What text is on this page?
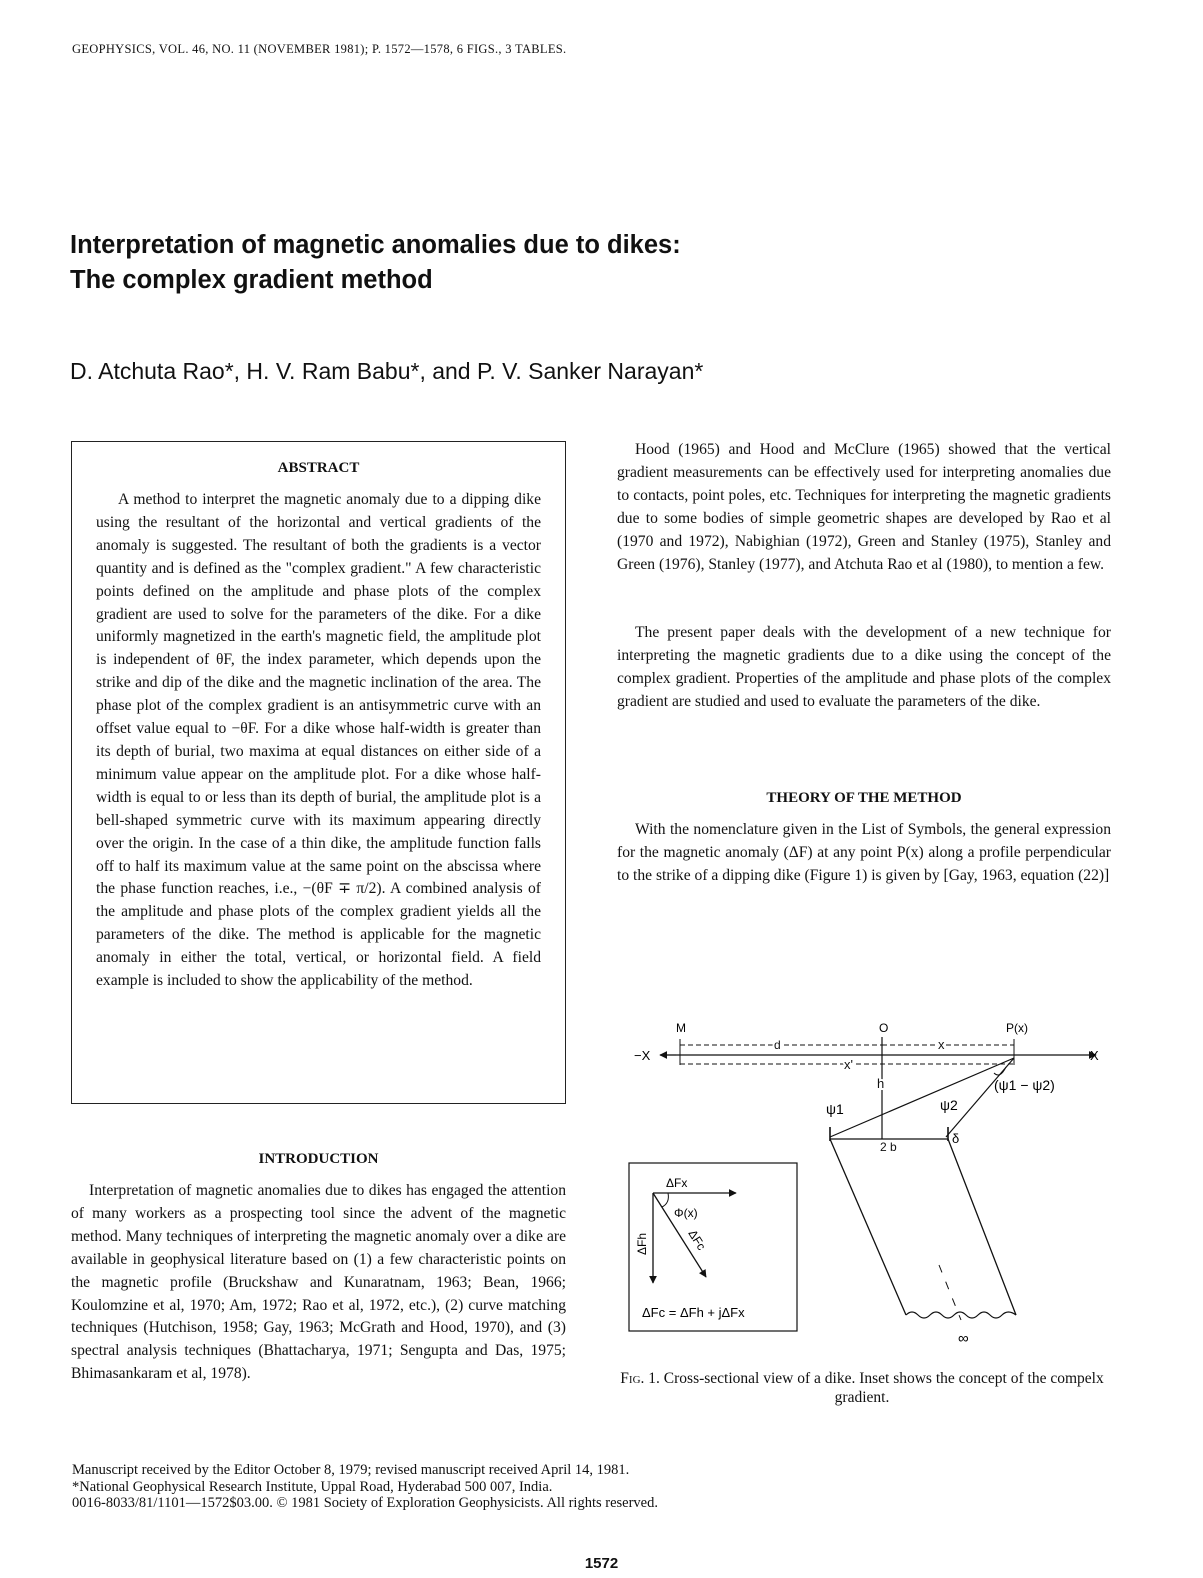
GEOPHYSICS, VOL. 46, NO. 11 (NOVEMBER 1981); P. 1572—1578, 6 FIGS., 3 TABLES.
Interpretation of magnetic anomalies due to dikes:
The complex gradient method
D. Atchuta Rao*, H. V. Ram Babu*, and P. V. Sanker Narayan*
ABSTRACT

A method to interpret the magnetic anomaly due to a dipping dike using the resultant of the horizontal and vertical gradients of the anomaly is suggested. The resultant of both the gradients is a vector quantity and is defined as the "complex gradient." A few characteristic points defined on the amplitude and phase plots of the complex gradient are used to solve for the parameters of the dike. For a dike uniformly magnetized in the earth's magnetic field, the amplitude plot is independent of θF, the index parameter, which depends upon the strike and dip of the dike and the magnetic inclination of the area. The phase plot of the complex gradient is an antisymmetric curve with an offset value equal to −θF. For a dike whose half-width is greater than its depth of burial, two maxima at equal distances on either side of a minimum value appear on the amplitude plot. For a dike whose half-width is equal to or less than its depth of burial, the amplitude plot is a bell-shaped symmetric curve with its maximum appearing directly over the origin. In the case of a thin dike, the amplitude function falls off to half its maximum value at the same point on the abscissa where the phase function reaches, i.e., −(θF ∓ π/2). A combined analysis of the amplitude and phase plots of the complex gradient yields all the parameters of the dike. The method is applicable for the magnetic anomaly in either the total, vertical, or horizontal field. A field example is included to show the applicability of the method.

INTRODUCTION

Interpretation of magnetic anomalies due to dikes has engaged the attention of many workers as a prospecting tool since the advent of the magnetic method. Many techniques of interpreting the magnetic anomaly over a dike are available in geophysical literature based on (1) a few characteristic points on the magnetic profile (Bruckshaw and Kunaratnam, 1963; Bean, 1966; Koulomzine et al, 1970; Am, 1972; Rao et al, 1972, etc.), (2) curve matching techniques (Hutchison, 1958; Gay, 1963; McGrath and Hood, 1970), and (3) spectral analysis techniques (Bhattacharya, 1971; Sengupta and Das, 1975; Bhimasankaram et al, 1978).

Hood (1965) and Hood and McClure (1965) showed that the vertical gradient measurements can be effectively used for interpreting anomalies due to contacts, point poles, etc. Techniques for interpreting the magnetic gradients due to some bodies of simple geometric shapes are developed by Rao et al (1970 and 1972), Nabighian (1972), Green and Stanley (1975), Stanley and Green (1976), Stanley (1977), and Atchuta Rao et al (1980), to mention a few.

The present paper deals with the development of a new technique for interpreting the magnetic gradients due to a dike using the concept of the complex gradient. Properties of the amplitude and phase plots of the complex gradient are studied and used to evaluate the parameters of the dike.

THEORY OF THE METHOD

With the nomenclature given in the List of Symbols, the general expression for the magnetic anomaly (ΔF) at any point P(x) along a profile perpendicular to the strike of a dipping dike (Figure 1) is given by [Gay, 1963, equation (22)]

−X	X
M	O	P(x)
d	x
x'
h	(ψ1 − ψ2)
ψ1	ψ2
2 b
δ
∞
ΔFx
ΔFh	ΔFc
Φ(x)
ΔFc = ΔFh + jΔFx
Fig. 1. Cross-sectional view of a dike. Inset shows the concept of the compelx gradient.
Manuscript received by the Editor October 8, 1979; revised manuscript received April 14, 1981.
*National Geophysical Research Institute, Uppal Road, Hyderabad 500 007, India.
0016-8033/81/1101—1572$03.00. © 1981 Society of Exploration Geophysicists. All rights reserved.
1572
